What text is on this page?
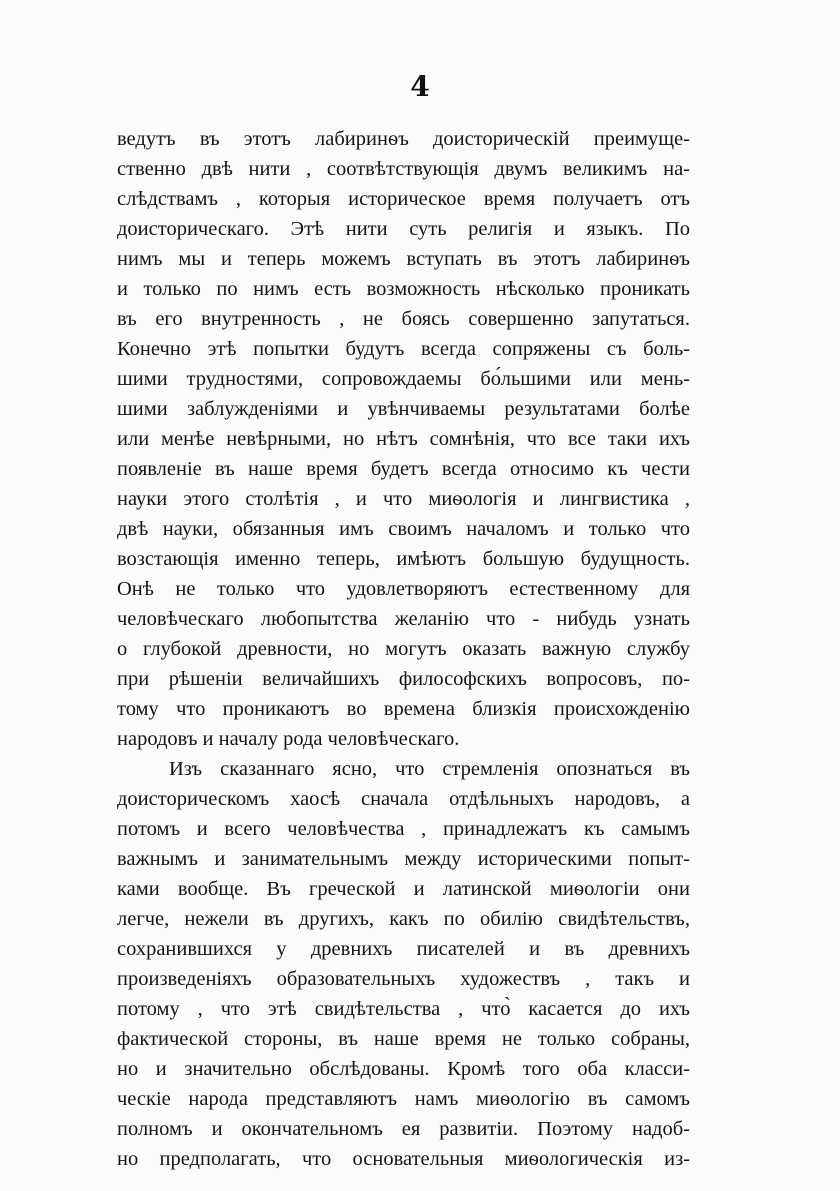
4
ведутъ въ этотъ лабиринѳъ доисторическій преимуще-
ственно двѣ нити , соотвѣтствующія двумъ великимъ на-
слѣдствамъ , которыя историческое время получаетъ отъ
доисторическаго. Этѣ нити суть религія и языкъ. По
нимъ мы и теперь можемъ вступать въ этотъ лабиринѳъ
и только по нимъ есть возможность нѣсколько проникать
въ его внутренность , не боясь совершенно запутаться.
Конечно этѣ попытки будутъ всегда сопряжены съ боль-
шими трудностями, сопровождаемы бо́льшими или мень-
шими заблужденіями и увѣнчиваемы результатами болѣе
или менѣе невѣрными, но нѣтъ сомнѣнія, что все таки ихъ
появленіе въ наше время будетъ всегда относимо къ чести
науки этого столѣтія , и что миѳологія и лингвистика ,
двѣ науки, обязанныя имъ своимъ началомъ и только что
возстающія именно теперь, имѣютъ большую будущность.
Онѣ не только что удовлетворяютъ естественному для
человѣческаго любопытства желанію что - нибудь узнать
о глубокой древности, но могутъ оказать важную службу
при рѣшеніи величайшихъ философскихъ вопросовъ, по-
тому что проникаютъ во времена близкія происхожденію
народовъ и началу рода человѣческаго.
Изъ сказаннаго ясно, что стремленія опознаться въ
доисторическомъ хаосѣ сначала отдѣльныхъ народовъ, а
потомъ и всего человѣчества , принадлежатъ къ самымъ
важнымъ и занимательнымъ между историческими попыт-
ками вообще. Въ греческой и латинской миѳологіи они
легче, нежели въ другихъ, какъ по обилію свидѣтельствъ,
сохранившихся у древнихъ писателей и въ древнихъ
произведеніяхъ образовательныхъ художествъ , такъ и
потому , что этѣ свидѣтельства , что̀ касается до ихъ
фактической стороны, въ наше время не только собраны,
но и значительно обслѣдованы. Кромѣ того оба класси-
ческіе народа представляютъ намъ миѳологію въ самомъ
полномъ и окончательномъ ея развитіи. Поэтому надоб-
но предполагать, что основательныя миѳологическія из-
